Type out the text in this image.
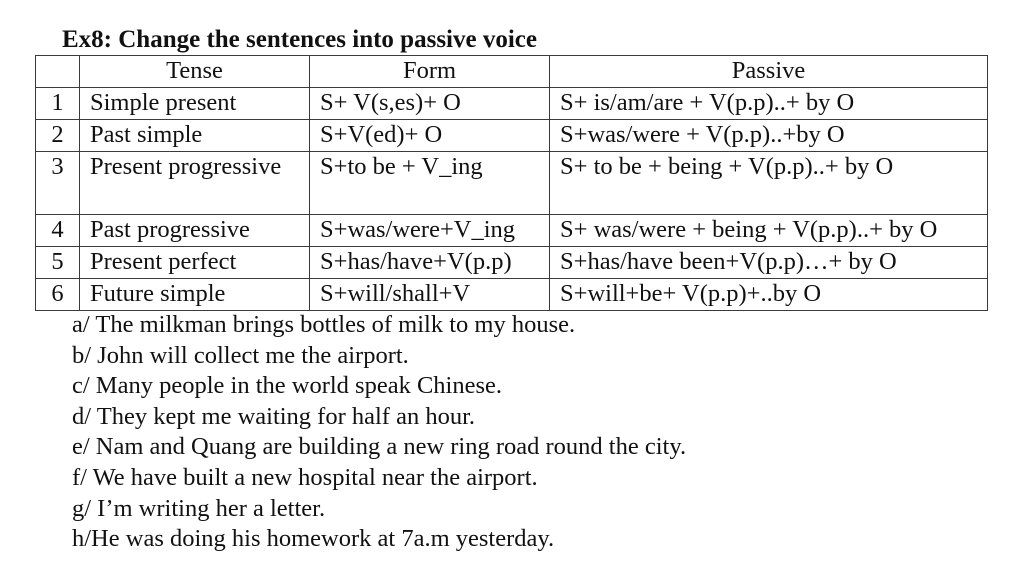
Ex8: Change the sentences into passive voice
	Tense	Form	Passive
1	Simple present	S+ V(s,es)+ O	S+ is/am/are + V(p.p)..+ by O
2	Past simple	S+V(ed)+ O	S+was/were + V(p.p)..+by O
3	Present progressive	S+to be + V_ing	S+ to be + being + V(p.p)..+ by O
4	Past progressive	S+was/were+V_ing	S+ was/were + being + V(p.p)..+ by O
5	Present perfect	S+has/have+V(p.p)	S+has/have been+V(p.p)…+ by O
6	Future simple	S+will/shall+V	S+will+be+ V(p.p)+..by O
a/ The milkman brings bottles of milk to my house.
b/ John will collect me the airport.
c/ Many people in the world speak Chinese.
d/ They kept me waiting for half an hour.
e/ Nam and Quang are building a new ring road round the city.
f/ We have built a new hospital near the airport.
g/ I’m writing her a letter.
h/He was doing his homework at 7a.m yesterday.
